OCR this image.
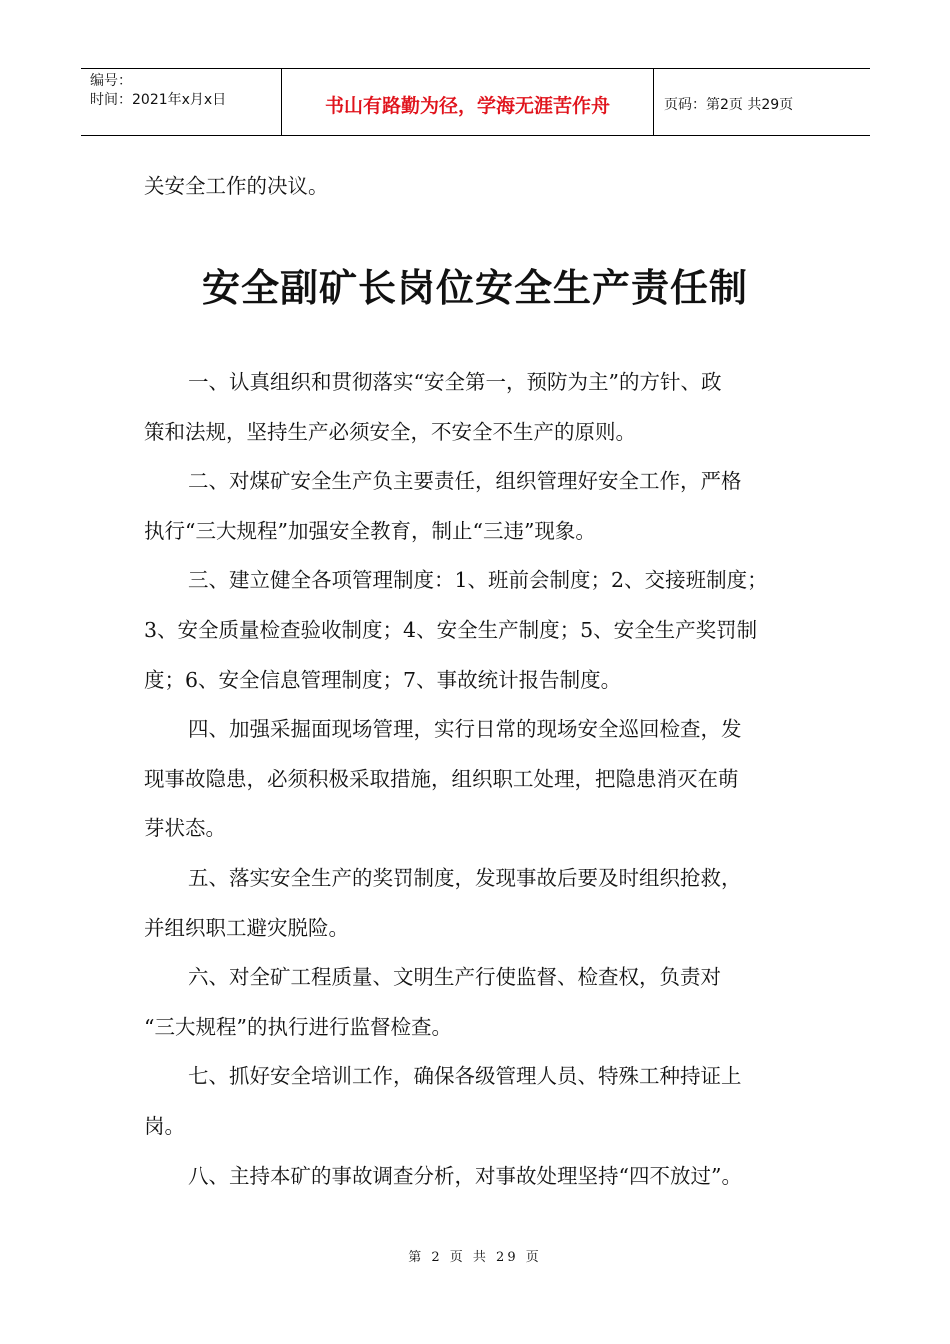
编号：
时间：2021年x月x日	书山有路勤为径，学海无涯苦作舟	页码：第2页 共29页
关安全工作的决议。
安全副矿长岗位安全生产责任制

一、认真组织和贯彻落实“安全第一，预防为主”的方针、政

策和法规，坚持生产必须安全，不安全不生产的原则。

二、对煤矿安全生产负主要责任，组织管理好安全工作，严格

执行“三大规程”加强安全教育，制止“三违”现象。

三、建立健全各项管理制度：1、班前会制度；2、交接班制度；

3、安全质量检查验收制度；4、安全生产制度；5、安全生产奖罚制

度；6、安全信息管理制度；7、事故统计报告制度。

四、加强采掘面现场管理，实行日常的现场安全巡回检查，发

现事故隐患，必须积极采取措施，组织职工处理，把隐患消灭在萌

芽状态。

五、落实安全生产的奖罚制度，发现事故后要及时组织抢救，

并组织职工避灾脱险。

六、对全矿工程质量、文明生产行使监督、检查权，负责对

“三大规程”的执行进行监督检查。

七、抓好安全培训工作，确保各级管理人员、特殊工种持证上

岗。

八、主持本矿的事故调查分析，对事故处理坚持“四不放过”。

第 2 页 共 29 页
